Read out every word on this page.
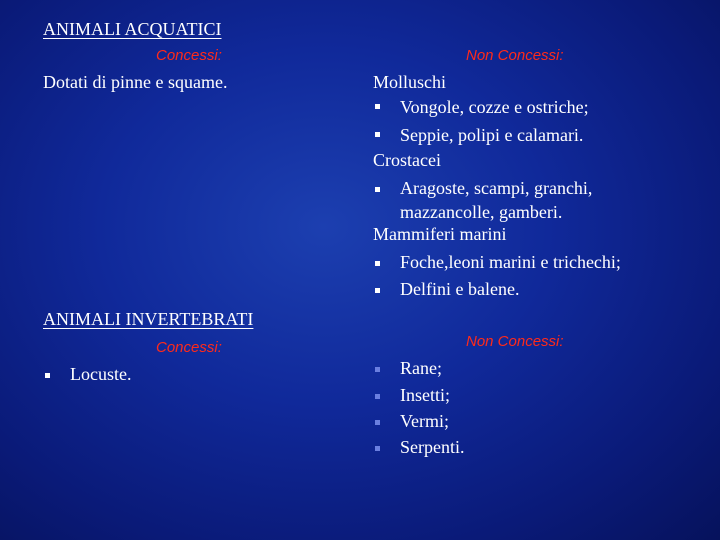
ANIMALI ACQUATICI
Concessi:
Dotati di pinne e squame.
Non Concessi:
Molluschi
Vongole, cozze e ostriche;
Seppie, polipi e calamari.
Crostacei
Aragoste, scampi, granchi,
mazzancolle, gamberi.
Mammiferi marini
Foche,leoni marini e trichechi;
Delfini e balene.
ANIMALI INVERTEBRATI
Concessi:
Locuste.
Non Concessi:
Rane;
Insetti;
Vermi;
Serpenti.
